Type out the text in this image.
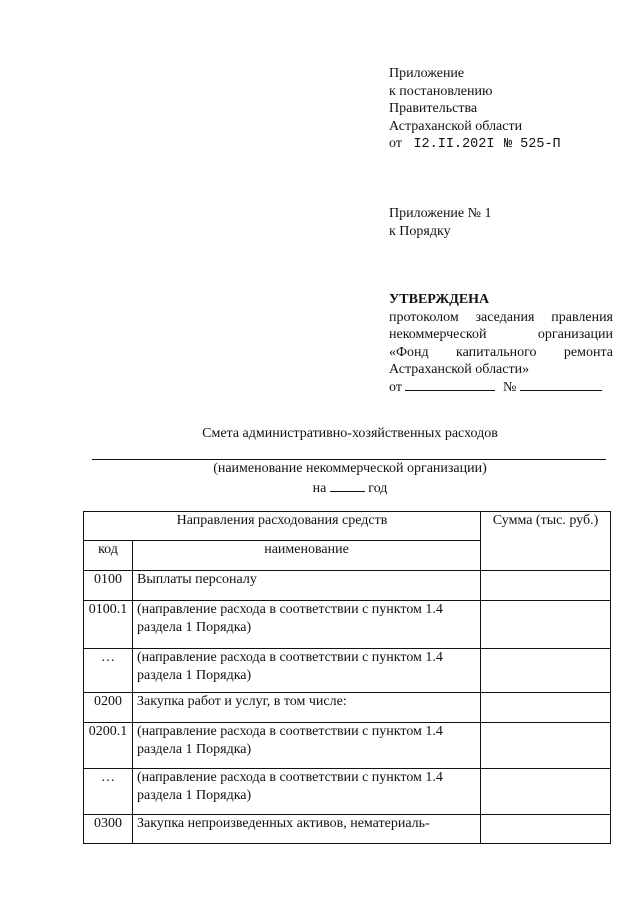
Приложение
к постановлению
Правительства
Астраханской области
от I2.II.202I № 525-П
Приложение № 1
к Порядку
УТВЕРЖДЕНА
протоколом заседания правления
некоммерческой организации
«Фонд капитального ремонта
Астраханской области»
от	№
Смета административно-хозяйственных расходов
(наименование некоммерческой организации)
на	год
Направления расходования средств		Сумма (тыс. руб.)
код	наименование	
0100	Выплаты персоналу	
0100.1	(направление расхода в соответствии с пунктом 1.4 раздела 1 Порядка)	
…	(направление расхода в соответствии с пунктом 1.4 раздела 1 Порядка)	
0200	Закупка работ и услуг, в том числе:	
0200.1	(направление расхода в соответствии с пунктом 1.4 раздела 1 Порядка)	
…	(направление расхода в соответствии с пунктом 1.4 раздела 1 Порядка)	
0300	Закупка непроизведенных активов, нематериаль-	
